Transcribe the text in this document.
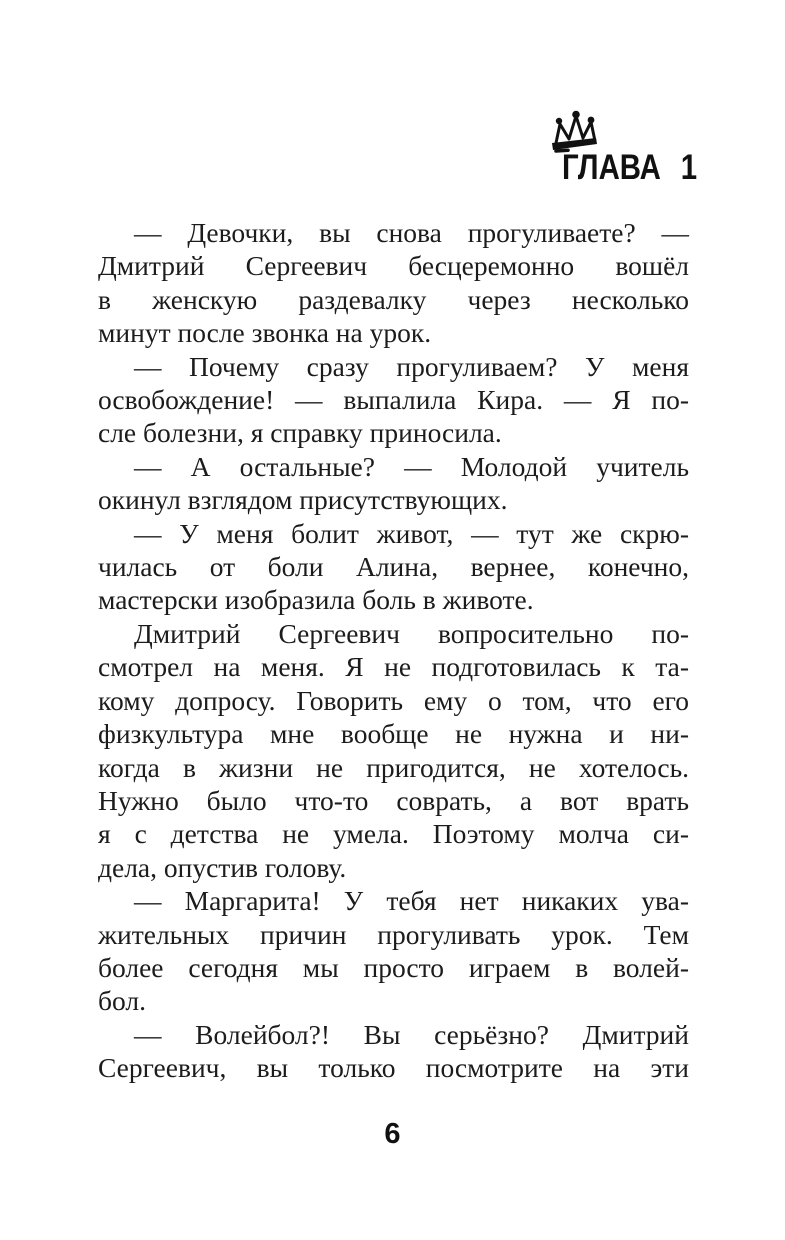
ГЛАВА 1
— Девочки, вы снова прогуливаете? —
Дмитрий Сергеевич бесцеремонно вошёл
в женскую раздевалку через несколько
минут после звонка на урок.
— Почему сразу прогуливаем? У меня
освобождение! — выпалила Кира. — Я по-
сле болезни, я справку приносила.
— А остальные? — Молодой учитель
окинул взглядом присутствующих.
— У меня болит живот, — тут же скрю-
чилась от боли Алина, вернее, конечно,
мастерски изобразила боль в животе.
Дмитрий Сергеевич вопросительно по-
смотрел на меня. Я не подготовилась к та-
кому допросу. Говорить ему о том, что его
физкультура мне вообще не нужна и ни-
когда в жизни не пригодится, не хотелось.
Нужно было что-то соврать, а вот врать
я с детства не умела. Поэтому молча си-
дела, опустив голову.
— Маргарита! У тебя нет никаких ува-
жительных причин прогуливать урок. Тем
более сегодня мы просто играем в волей-
бол.
— Волейбол?! Вы серьёзно? Дмитрий
Сергеевич, вы только посмотрите на эти
6
